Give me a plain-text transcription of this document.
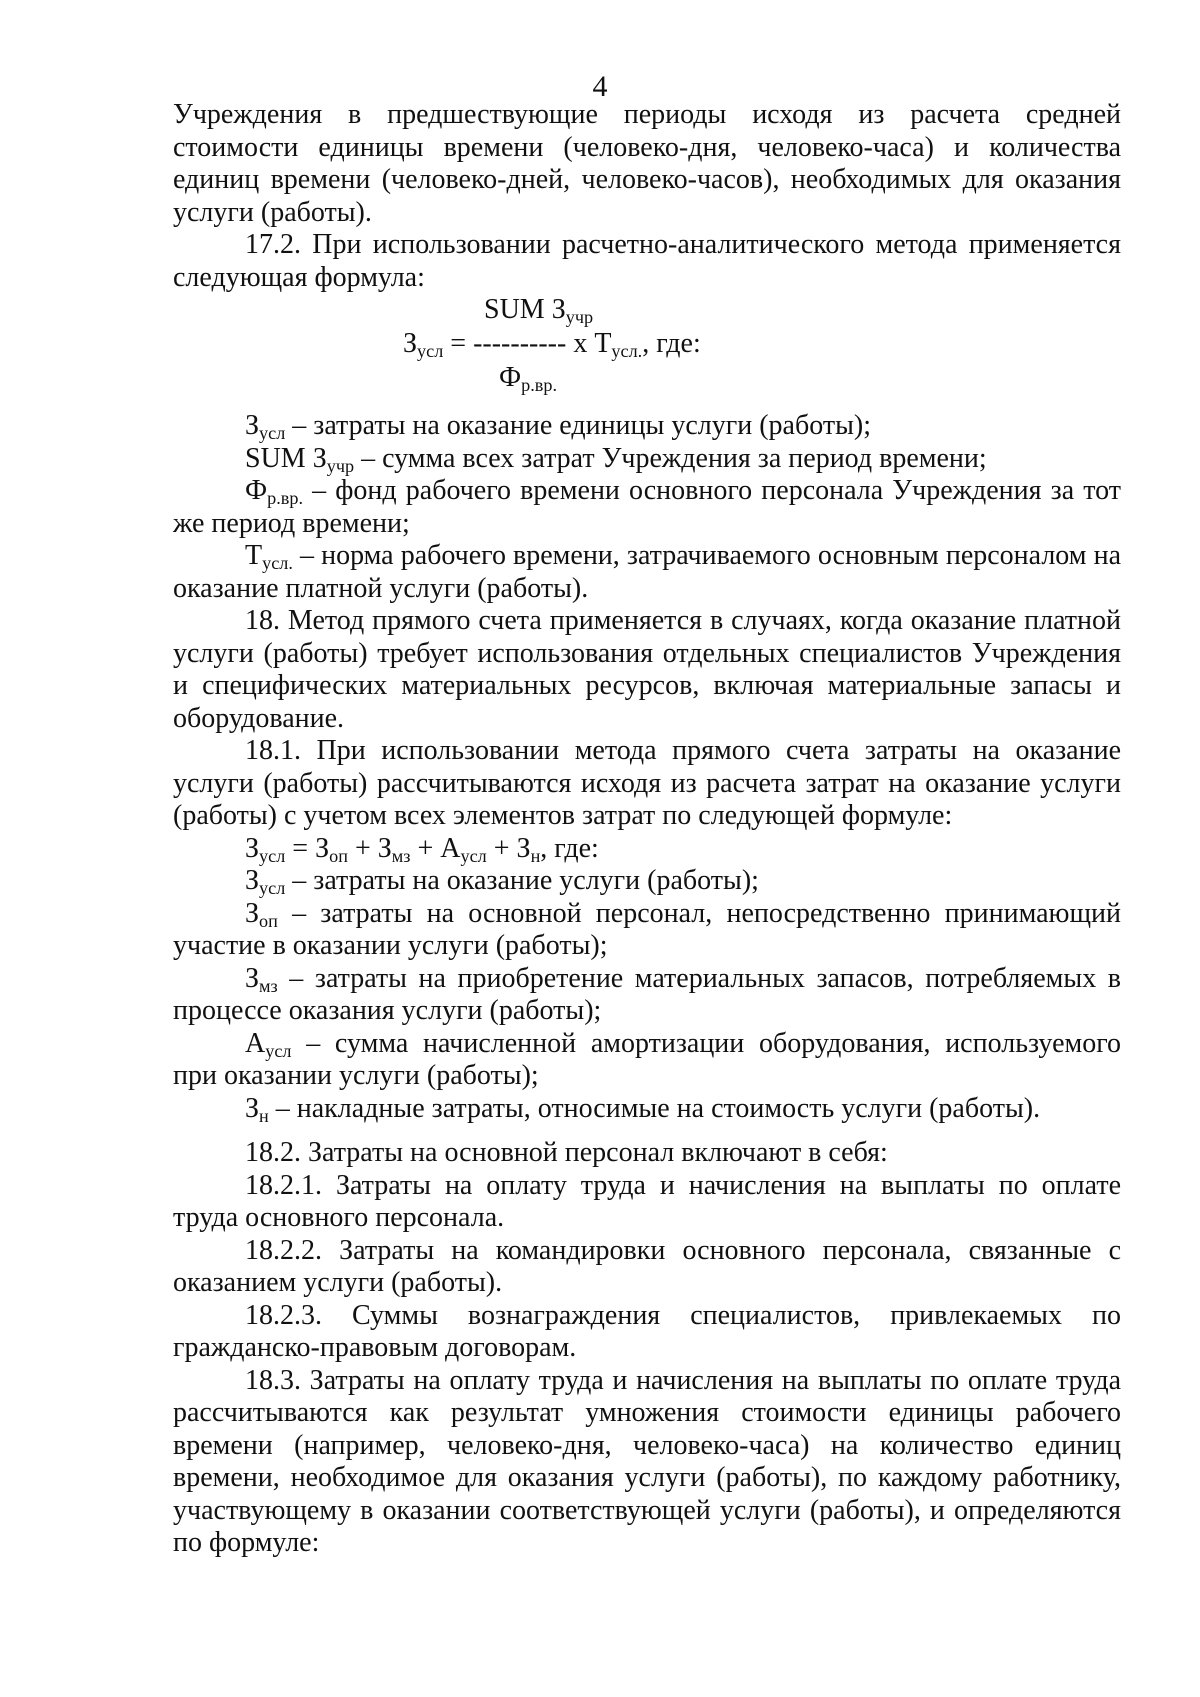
4

Учреждения в предшествующие периоды исходя из расчета средней стоимости единицы времени (человеко-дня, человеко-часа) и количества единиц времени (человеко-дней, человеко-часов), необходимых для оказания услуги (работы).

17.2. При использовании расчетно-аналитического метода применяется следующая формула:

SUM $З_{учр}$
$З_{усл}$ = ---------- х $Т_{усл.}$, где:
$Ф_{р.вр.}$

$З_{усл}$ – затраты на оказание единицы услуги (работы);

SUM $З_{учр}$ – сумма всех затрат Учреждения за период времени;

$Ф_{р.вр.}$ – фонд рабочего времени основного персонала Учреждения за тот же период времени;

$Т_{усл.}$ – норма рабочего времени, затрачиваемого основным персоналом на оказание платной услуги (работы).

18. Метод прямого счета применяется в случаях, когда оказание платной услуги (работы) требует использования отдельных специалистов Учреждения и специфических материальных ресурсов, включая материальные запасы и оборудование.

18.1. При использовании метода прямого счета затраты на оказание услуги (работы) рассчитываются исходя из расчета затрат на оказание услуги (работы) с учетом всех элементов затрат по следующей формуле:

$З_{усл} = З_{оп} + З_{мз} + А_{усл} + З_н$, где:

$З_{усл}$ – затраты на оказание услуги (работы);

$З_{оп}$ – затраты на основной персонал, непосредственно принимающий участие в оказании услуги (работы);

$З_{мз}$ – затраты на приобретение материальных запасов, потребляемых в процессе оказания услуги (работы);

$А_{усл}$ – сумма начисленной амортизации оборудования, используемого при оказании услуги (работы);

$З_н$ – накладные затраты, относимые на стоимость услуги (работы).

18.2. Затраты на основной персонал включают в себя:

18.2.1. Затраты на оплату труда и начисления на выплаты по оплате труда основного персонала.

18.2.2. Затраты на командировки основного персонала, связанные с оказанием услуги (работы).

18.2.3. Суммы вознаграждения специалистов, привлекаемых по гражданско-правовым договорам.

18.3. Затраты на оплату труда и начисления на выплаты по оплате труда рассчитываются как результат умножения стоимости единицы рабочего времени (например, человеко-дня, человеко-часа) на количество единиц времени, необходимое для оказания услуги (работы), по каждому работнику, участвующему в оказании соответствующей услуги (работы), и определяются по формуле:
